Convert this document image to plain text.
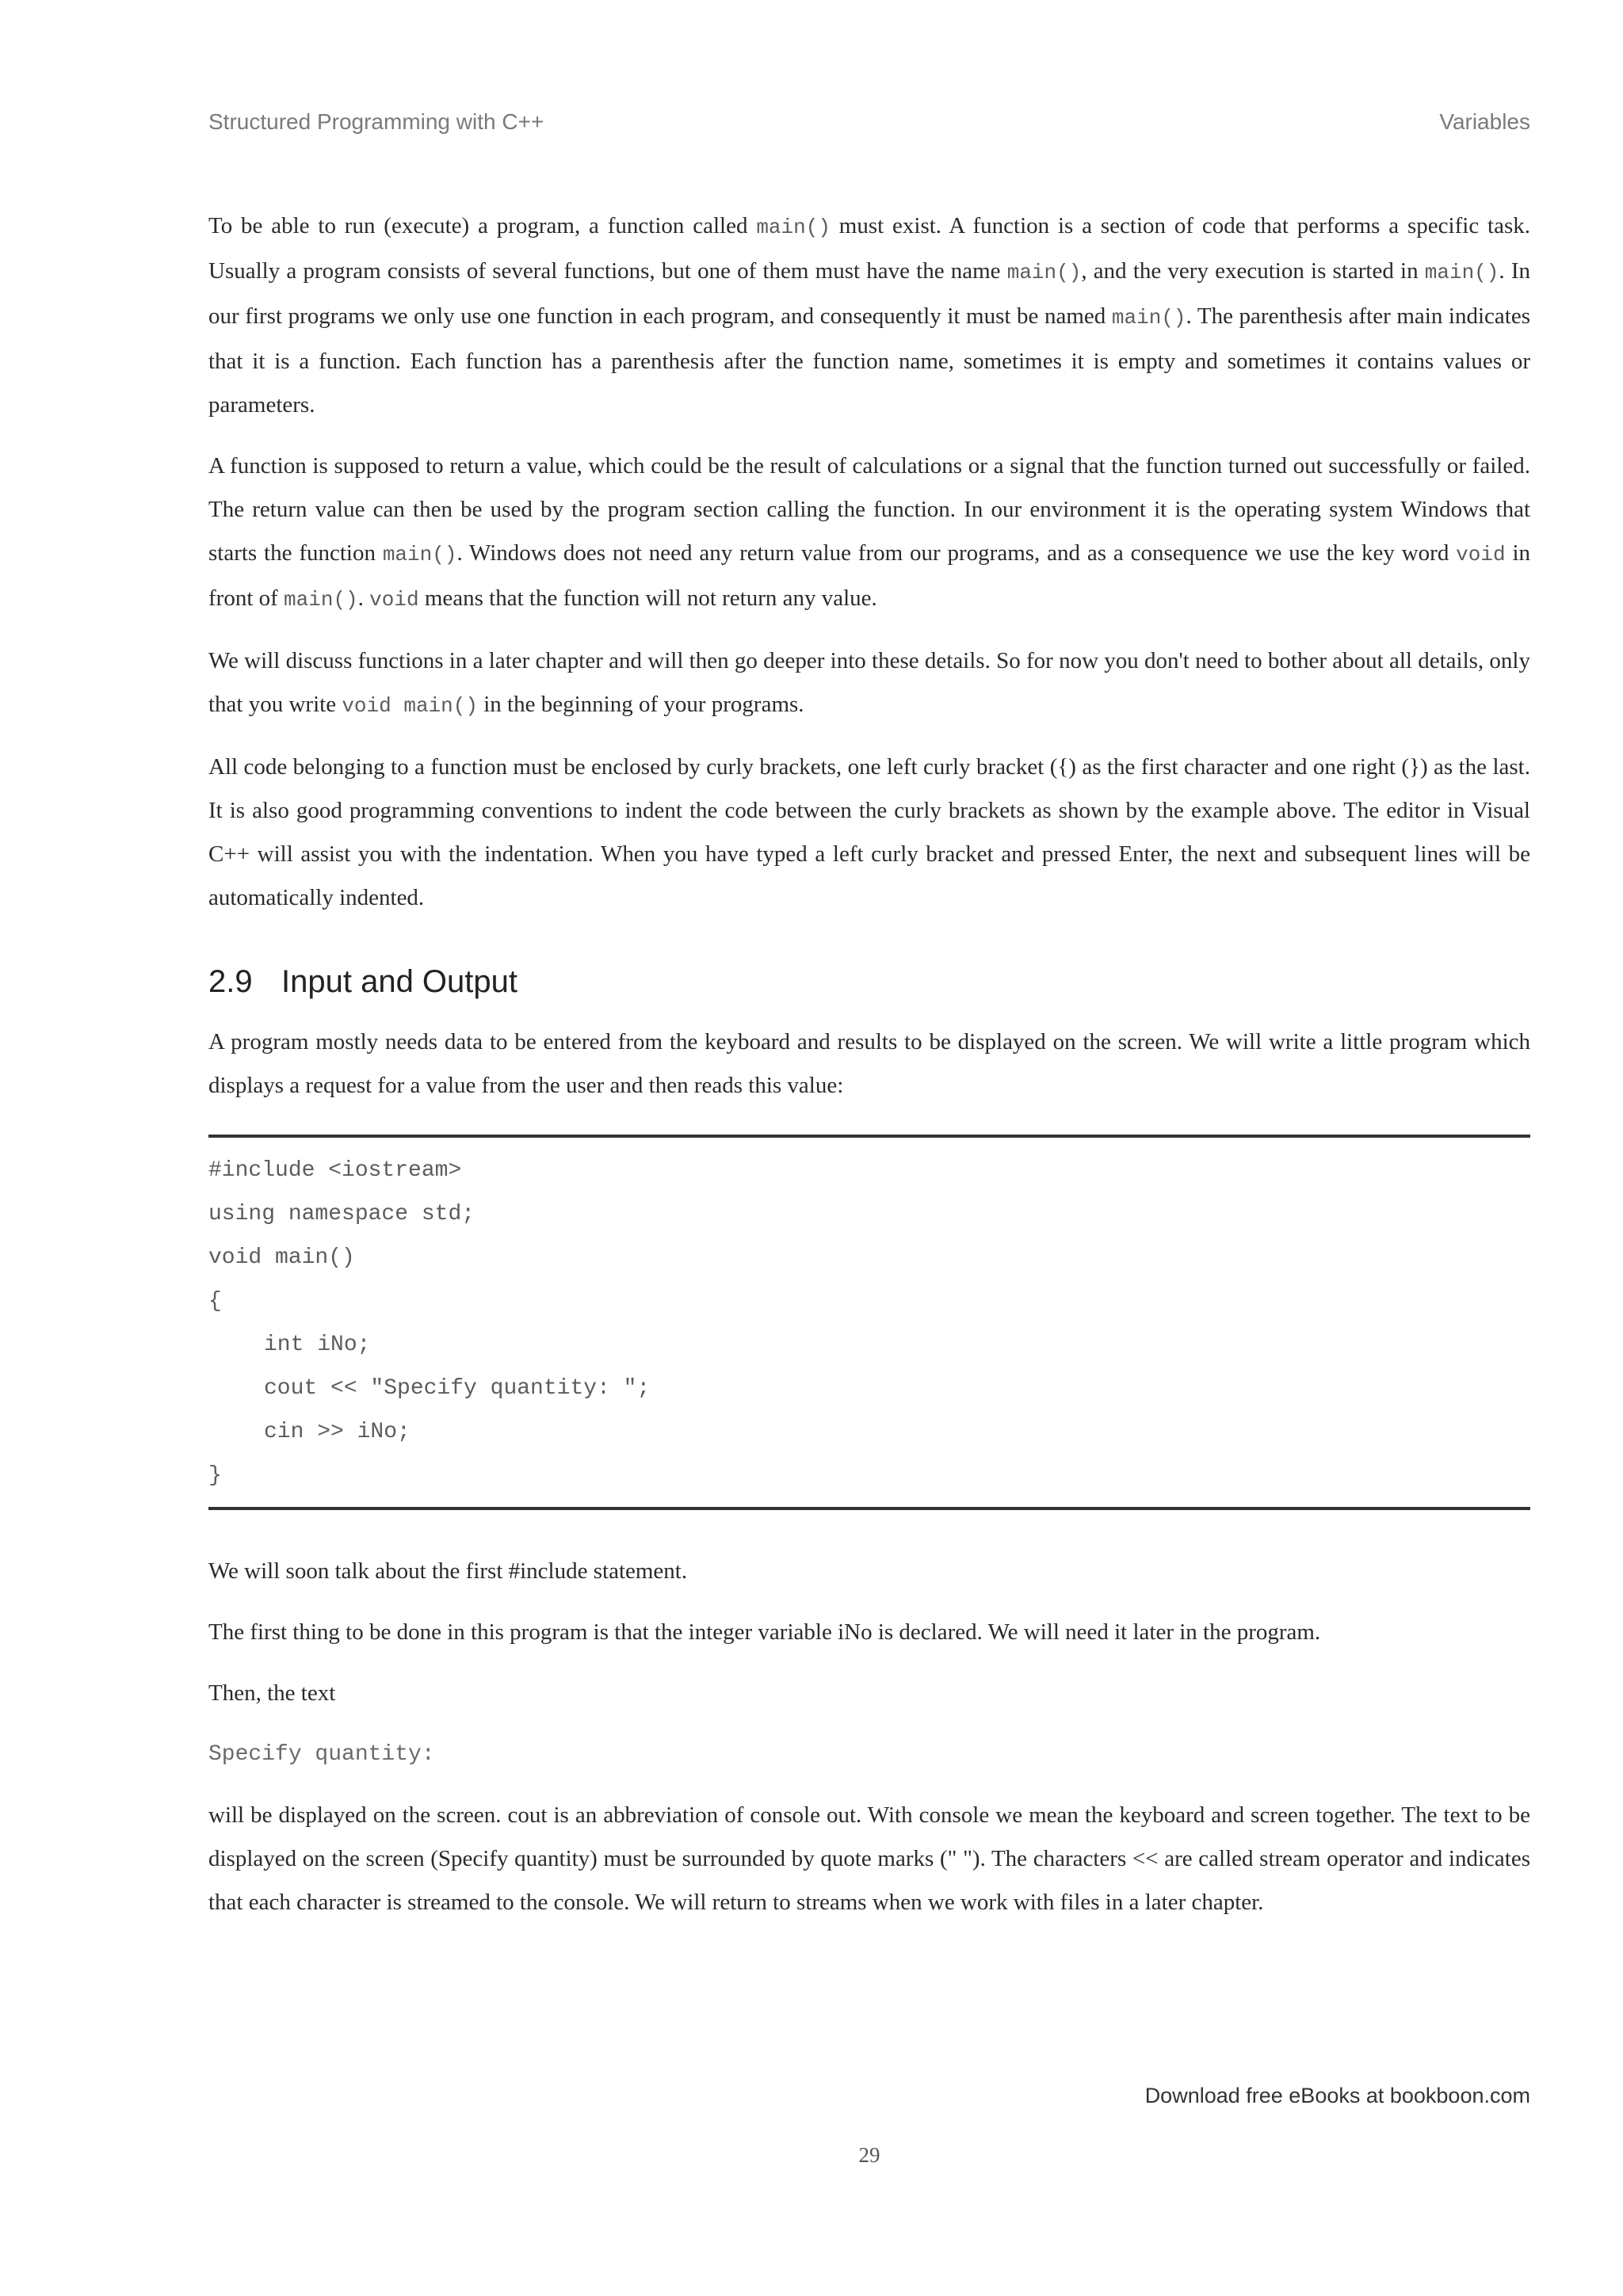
Structured Programming with C++	Variables

To be able to run (execute) a program, a function called main() must exist. A function is a section of code that performs a specific task. Usually a program consists of several functions, but one of them must have the name main(), and the very execution is started in main(). In our first programs we only use one function in each program, and consequently it must be named main(). The parenthesis after main indicates that it is a function. Each function has a parenthesis after the function name, sometimes it is empty and sometimes it contains values or parameters.

A function is supposed to return a value, which could be the result of calculations or a signal that the function turned out successfully or failed. The return value can then be used by the program section calling the function. In our environment it is the operating system Windows that starts the function main(). Windows does not need any return value from our programs, and as a consequence we use the key word void in front of main(). void means that the function will not return any value.

We will discuss functions in a later chapter and will then go deeper into these details. So for now you don't need to bother about all details, only that you write void main() in the beginning of your programs.

All code belonging to a function must be enclosed by curly brackets, one left curly bracket ({) as the first character and one right (}) as the last. It is also good programming conventions to indent the code between the curly brackets as shown by the example above. The editor in Visual C++ will assist you with the indentation. When you have typed a left curly bracket and pressed Enter, the next and subsequent lines will be automatically indented.

2.9 Input and Output

A program mostly needs data to be entered from the keyboard and results to be displayed on the screen. We will write a little program which displays a request for a value from the user and then reads this value:

#include <iostream>
using namespace std;
void main()
{
int iNo;
cout << "Specify quantity: ";
cin >> iNo;
}

We will soon talk about the first #include statement.

The first thing to be done in this program is that the integer variable iNo is declared. We will need it later in the program.

Then, the text

Specify quantity:

will be displayed on the screen. cout is an abbreviation of console out. With console we mean the keyboard and screen together. The text to be displayed on the screen (Specify quantity) must be surrounded by quote marks (" "). The characters << are called stream operator and indicates that each character is streamed to the console. We will return to streams when we work with files in a later chapter.

Download free eBooks at bookboon.com
29
